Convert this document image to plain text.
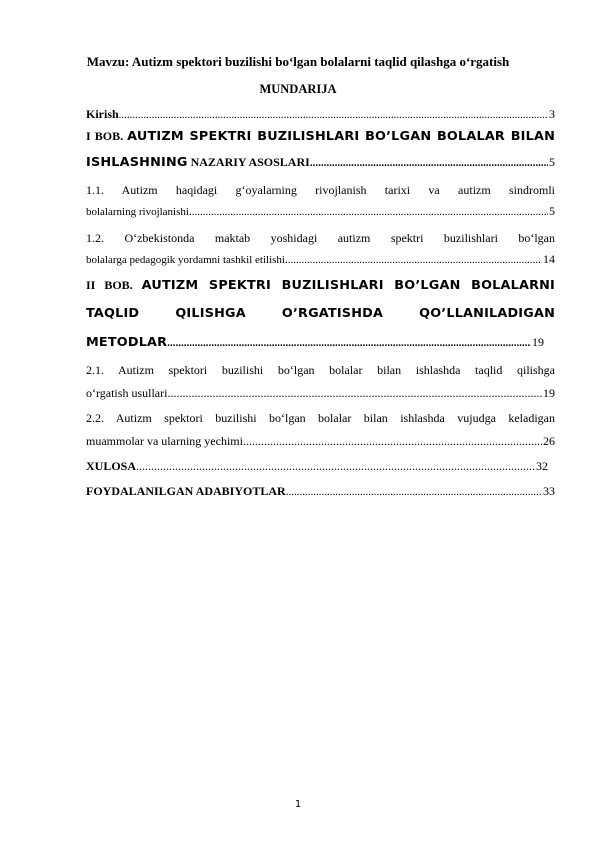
Mavzu: Autizm spektori buzilishi boʻlgan bolalarni taqlid qilashga oʻrgatish
MUNDARIJA
Kirish .....	3
I BOB. AUTIZM SPEKTRI BUZILISHLARI BOʼLGAN BOLALAR BILAN
ISHLASHNING
NAZARIY ASOSLARI .....	5
1.1. Autizm haqidagi gʻoyalarning rivojlanish tarixi va autizm sindromli
bolalarning rivojlanishi .....	5
1.2. Oʻzbekistonda maktab yoshidagi autizm spektri buzilishlari boʻlgan
bolalarga pedagogik yordamni tashkil etilishi .....	14
II BOB. AUTIZM SPEKTRI BUZILISHLARI BOʼLGAN BOLALARNI
TAQLID QILISHGA OʼRGATISHDA QOʼLLANILADIGAN
METODLAR .....	19
2.1. Autizm spektori buzilishi boʻlgan bolalar bilan ishlashda taqlid qilishga
oʻrgatish usullari .....	19
2.2. Autizm spektori buzilishi boʻlgan bolalar bilan ishlashda vujudga keladigan
muammolar va ularning yechimi .....	26
XULOSA .....	32
FOYDALANILGAN ADABIYOTLAR .....	33
1
